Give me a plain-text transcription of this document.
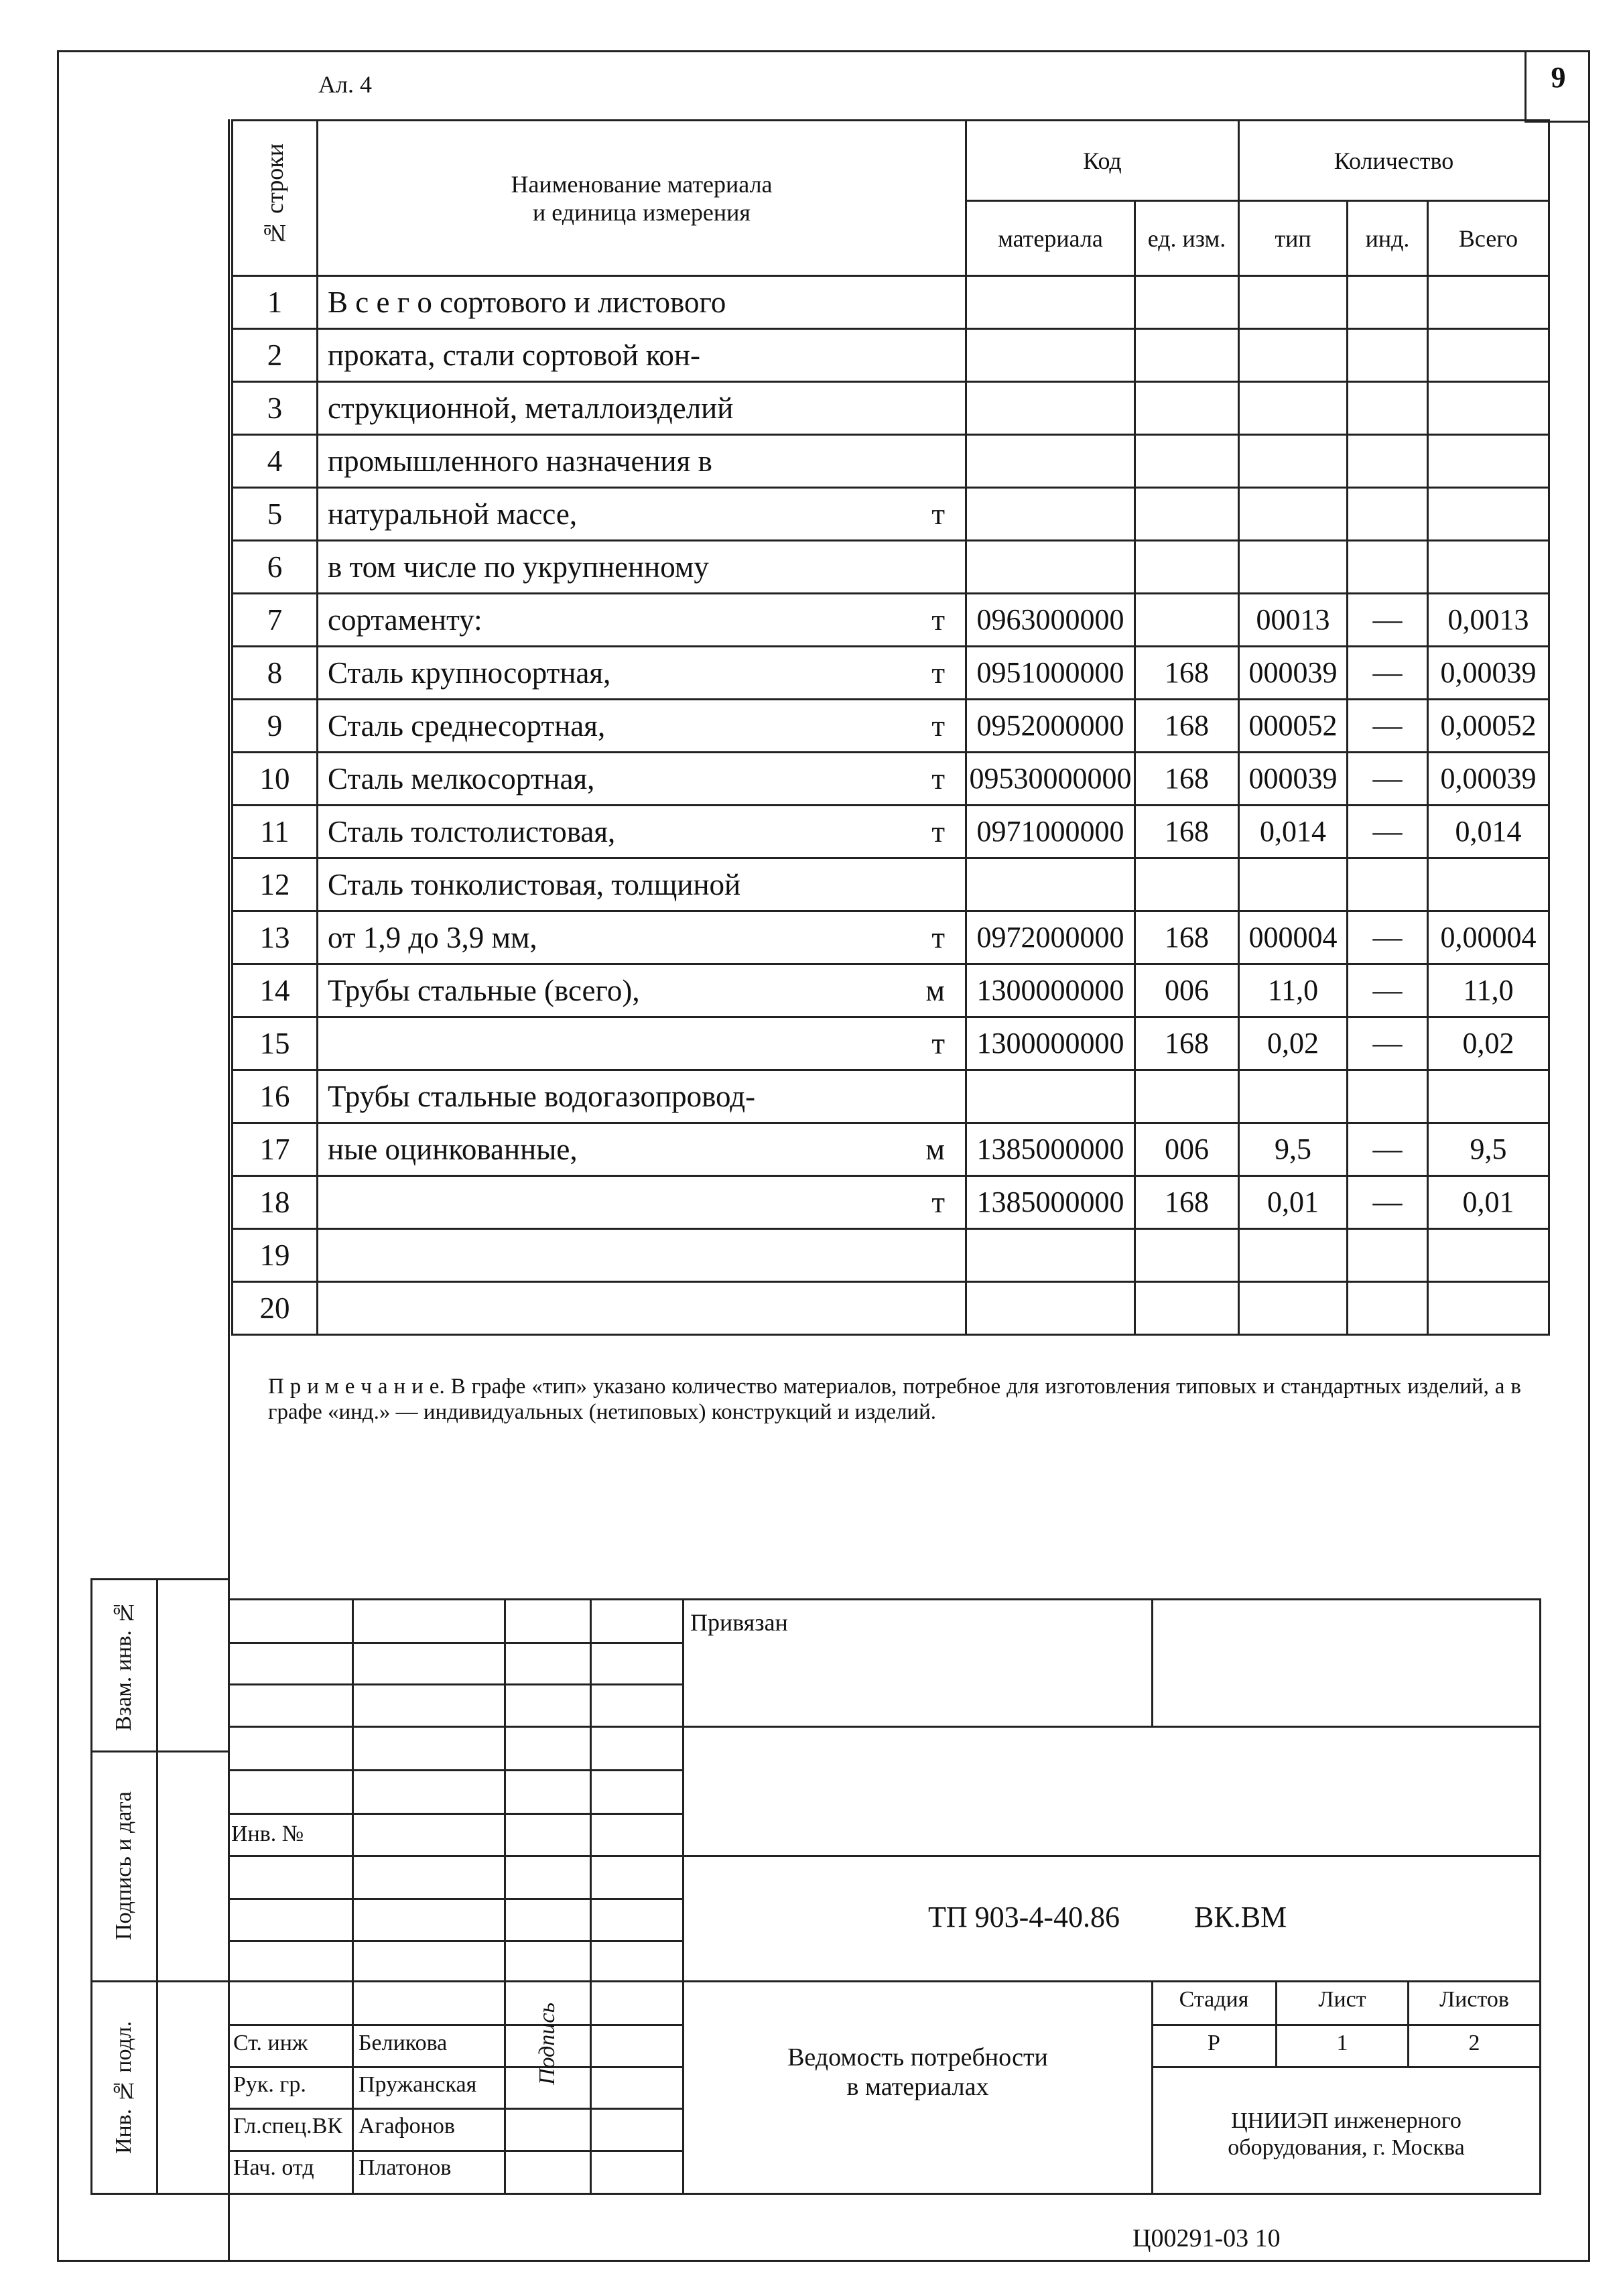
9
Ал. 4
№ строки	Наименование материала
и единица измерения	Код		Количество		
		материала	ед. изм.	тип	инд.	Всего
1	В с е г о сортового и листового

2	проката, стали сортовой кон-

3	струкционной, металлоизделий

4	промышленного назначения в

5	натуральной массе, т					

6	в том числе по укрупненному

7	сортаменту: т	0963000000		00013	—	0,0013
8	Сталь крупносортная, т	0951000000	168	000039	—	0,00039
9	Сталь среднесортная, т	0952000000	168	000052	—	0,00052
10	Сталь мелкосортная, т	09530000000	168	000039	—	0,00039
11	Сталь толстолистовая, т	0971000000	168	0,014	—	0,014
12	Сталь тонколистовая, толщиной

13	от 1,9 до 3,9 мм, т	0972000000	168	000004	—	0,00004
14	Трубы стальные (всего), м	1300000000	006	11,0	—	11,0
15	т	1300000000	168	0,02	—	0,02
16	Трубы стальные водогазопровод-

17	ные оцинкованные, м	1385000000	006	9,5	—	9,5
18	т	1385000000	168	0,01	—	0,01
19	

20	

П р и м е ч а н и е. В графе «тип» указано количество материалов, потребное для изготовления типовых и стандартных изделий, а в графе «инд.» — индивидуальных (нетиповых) конструкций и изделий.
Взам. инв. №
Подпись и дата
Инв. № подл.
Привязан
Инв. №
ТП 903-4-40.86	ВК.ВМ
Стадия	Лист	Листов
Р	1	2
Ведомость потребности
в материалах
ЦНИИЭП инженерного
оборудования, г. Москва
Подпись
Ст. инж Беликова
Рук. гр. Пружанская
Гл.спец.ВК Агафонов
Нач. отд Платонов
Ц00291-03 10
